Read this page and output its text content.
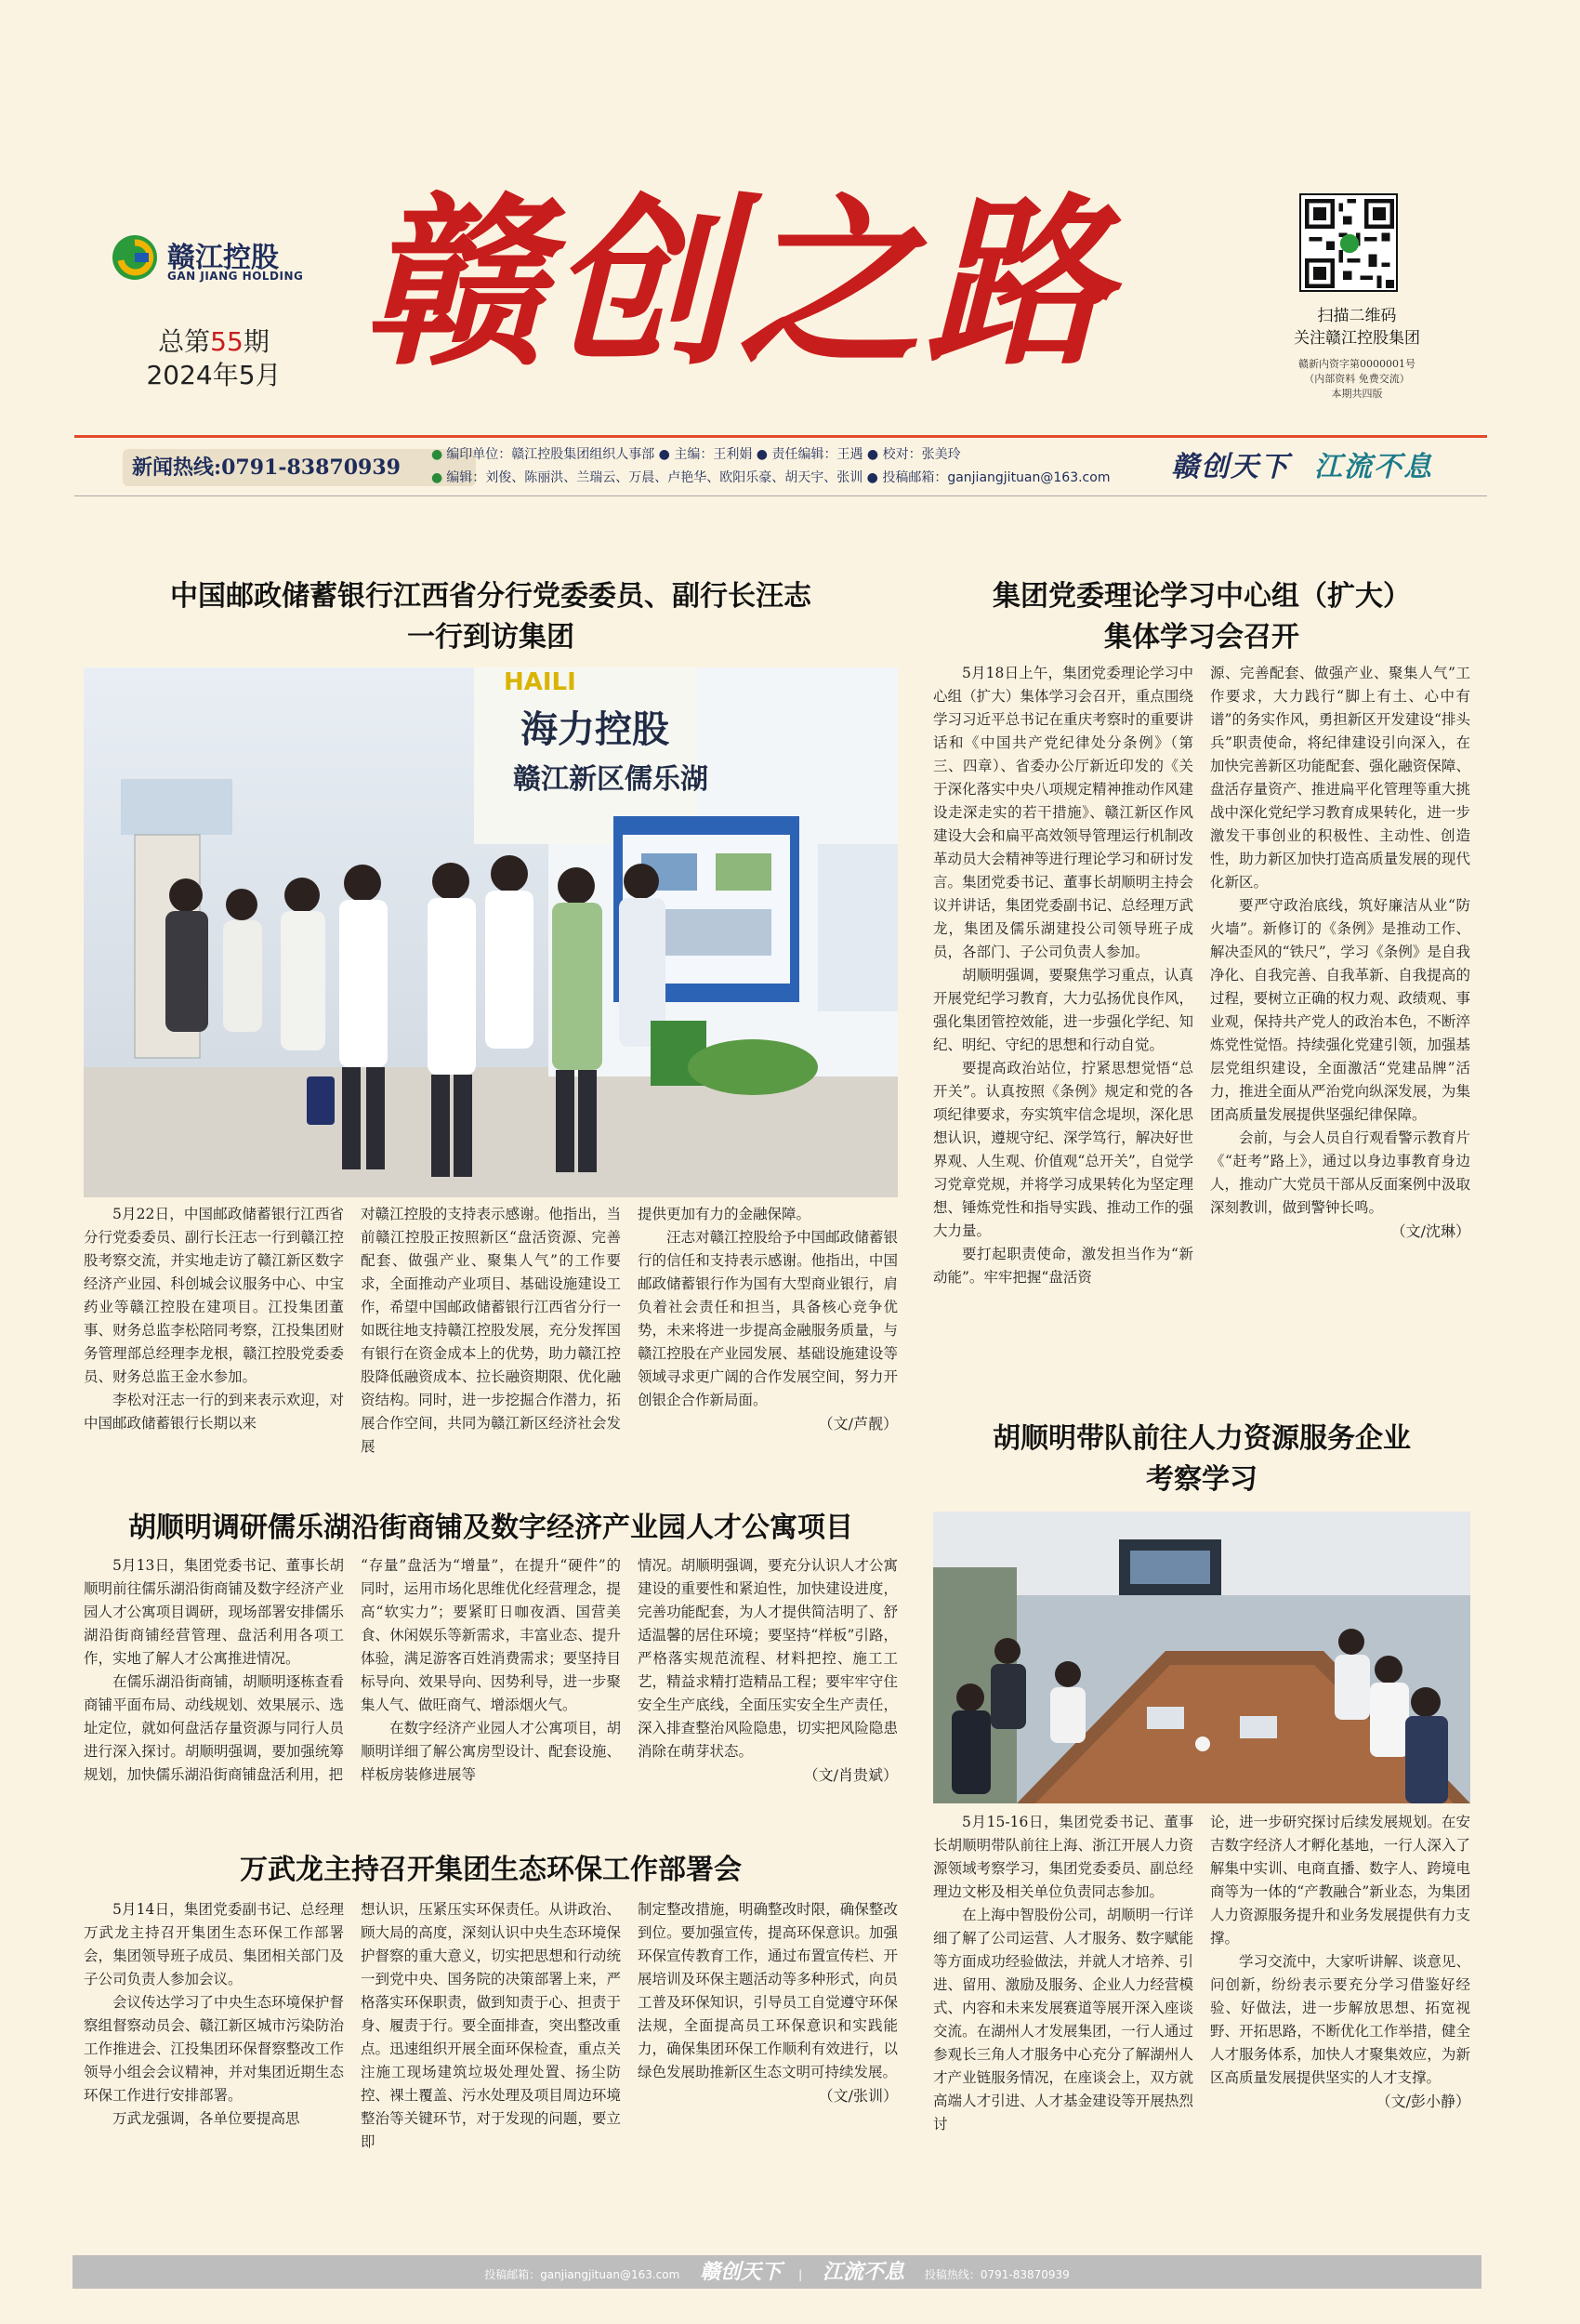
赣江控股
GAN JIANG HOLDING
总第55期
2024年5月 赣创之路	扫描二维码
关注赣江控股集团
赣新内资字第0000001号
（内部资料 免费交流）
本期共四版
新闻热线:0791-83870939
● 编印单位：赣江控股集团组织人事部 ● 主编：王利娟 ● 责任编辑：王遇 ● 校对：张美玲
● 编辑：刘俊、陈丽洪、兰瑞云、万晨、卢艳华、欧阳乐豪、胡天宇、张训 ● 投稿邮箱：ganjiangjituan@163.com	赣创天下 江流不息
中国邮政储蓄银行江西省分行党委委员、副行长汪志
一行到访集团
HAILI
海力控股
赣江新区儒乐湖

5月22日，中国邮政储蓄银行江西省分行党委委员、副行长汪志一行到赣江控股考察交流，并实地走访了赣江新区数字经济产业园、科创城会议服务中心、中宝药业等赣江控股在建项目。江投集团董事、财务总监李松陪同考察，江投集团财务管理部总经理李龙根，赣江控股党委委员、财务总监王金水参加。

李松对汪志一行的到来表示欢迎，对中国邮政储蓄银行长期以来

对赣江控股的支持表示感谢。他指出，当前赣江控股正按照新区“盘活资源、完善配套、做强产业、聚集人气”的工作要求，全面推动产业项目、基础设施建设工作，希望中国邮政储蓄银行江西省分行一如既往地支持赣江控股发展，充分发挥国有银行在资金成本上的优势，助力赣江控股降低融资成本、拉长融资期限、优化融资结构。同时，进一步挖掘合作潜力，拓展合作空间，共同为赣江新区经济社会发展

提供更加有力的金融保障。

汪志对赣江控股给予中国邮政储蓄银行的信任和支持表示感谢。他指出，中国邮政储蓄银行作为国有大型商业银行，肩负着社会责任和担当，具备核心竞争优势，未来将进一步提高金融服务质量，与赣江控股在产业园发展、基础设施建设等领域寻求更广阔的合作发展空间，努力开创银企合作新局面。

（文/芦靓）
胡顺明调研儒乐湖沿街商铺及数字经济产业园人才公寓项目

5月13日，集团党委书记、董事长胡顺明前往儒乐湖沿街商铺及数字经济产业园人才公寓项目调研，现场部署安排儒乐湖沿街商铺经营管理、盘活利用各项工作，实地了解人才公寓推进情况。

在儒乐湖沿街商铺，胡顺明逐栋查看商铺平面布局、动线规划、效果展示、选址定位，就如何盘活存量资源与同行人员进行深入探讨。胡顺明强调，要加强统筹规划，加快儒乐湖沿街商铺盘活利用，把

“存量”盘活为“增量”，在提升“硬件”的同时，运用市场化思维优化经营理念，提高“软实力”；要紧盯日咖夜酒、国营美食、休闲娱乐等新需求，丰富业态、提升体验，满足游客百姓消费需求；要坚持目标导向、效果导向、因势利导，进一步聚集人气、做旺商气、增添烟火气。

在数字经济产业园人才公寓项目，胡顺明详细了解公寓房型设计、配套设施、样板房装修进展等

情况。胡顺明强调，要充分认识人才公寓建设的重要性和紧迫性，加快建设进度，完善功能配套，为人才提供简洁明了、舒适温馨的居住环境；要坚持“样板”引路，严格落实规范流程、材料把控、施工工艺，精益求精打造精品工程；要牢牢守住安全生产底线，全面压实安全生产责任，深入排查整治风险隐患，切实把风险隐患消除在萌芽状态。

（文/肖贵斌）
万武龙主持召开集团生态环保工作部署会

5月14日，集团党委副书记、总经理万武龙主持召开集团生态环保工作部署会，集团领导班子成员、集团相关部门及子公司负责人参加会议。

会议传达学习了中央生态环境保护督察组督察动员会、赣江新区城市污染防治工作推进会、江投集团环保督察整改工作领导小组会会议精神，并对集团近期生态环保工作进行安排部署。

万武龙强调，各单位要提高思

想认识，压紧压实环保责任。从讲政治、顾大局的高度，深刻认识中央生态环境保护督察的重大意义，切实把思想和行动统一到党中央、国务院的决策部署上来，严格落实环保职责，做到知责于心、担责于身、履责于行。要全面排查，突出整改重点。迅速组织开展全面环保检查，重点关注施工现场建筑垃圾处理处置、扬尘防控、裸土覆盖、污水处理及项目周边环境整治等关键环节，对于发现的问题，要立即

制定整改措施，明确整改时限，确保整改到位。要加强宣传，提高环保意识。加强环保宣传教育工作，通过布置宣传栏、开展培训及环保主题活动等多种形式，向员工普及环保知识，引导员工自觉遵守环保法规，全面提高员工环保意识和实践能力，确保集团环保工作顺利有效进行，以绿色发展助推新区生态文明可持续发展。

（文/张训）
集团党委理论学习中心组（扩大）
集体学习会召开

5月18日上午，集团党委理论学习中心组（扩大）集体学习会召开，重点围绕学习习近平总书记在重庆考察时的重要讲话和《中国共产党纪律处分条例》（第三、四章）、省委办公厅新近印发的《关于深化落实中央八项规定精神推动作风建设走深走实的若干措施》、赣江新区作风建设大会和扁平高效领导管理运行机制改革动员大会精神等进行理论学习和研讨发言。集团党委书记、董事长胡顺明主持会议并讲话，集团党委副书记、总经理万武龙，集团及儒乐湖建投公司领导班子成员，各部门、子公司负责人参加。

胡顺明强调，要聚焦学习重点，认真开展党纪学习教育，大力弘扬优良作风，强化集团管控效能，进一步强化学纪、知纪、明纪、守纪的思想和行动自觉。

要提高政治站位，拧紧思想觉悟“总开关”。认真按照《条例》规定和党的各项纪律要求，夯实筑牢信念堤坝，深化思想认识，遵规守纪、深学笃行，解决好世界观、人生观、价值观“总开关”，自觉学习党章党规，并将学习成果转化为坚定理想、锤炼党性和指导实践、推动工作的强大力量。

要打起职责使命，激发担当作为“新动能”。牢牢把握“盘活资

源、完善配套、做强产业、聚集人气”工作要求，大力践行“脚上有土、心中有谱”的务实作风，勇担新区开发建设“排头兵”职责使命，将纪律建设引向深入，在加快完善新区功能配套、强化融资保障、盘活存量资产、推进扁平化管理等重大挑战中深化党纪学习教育成果转化，进一步激发干事创业的积极性、主动性、创造性，助力新区加快打造高质量发展的现代化新区。

要严守政治底线，筑好廉洁从业“防火墙”。新修订的《条例》是推动工作、解决歪风的“铁尺”，学习《条例》是自我净化、自我完善、自我革新、自我提高的过程，要树立正确的权力观、政绩观、事业观，保持共产党人的政治本色，不断淬炼党性觉悟。持续强化党建引领，加强基层党组织建设，全面激活“党建品牌”活力，推进全面从严治党向纵深发展，为集团高质量发展提供坚强纪律保障。

会前，与会人员自行观看警示教育片《“赶考”路上》，通过以身边事教育身边人，推动广大党员干部从反面案例中汲取深刻教训，做到警钟长鸣。

（文/沈琳）
胡顺明带队前往人力资源服务企业
考察学习

5月15-16日，集团党委书记、董事长胡顺明带队前往上海、浙江开展人力资源领域考察学习，集团党委委员、副总经理边文彬及相关单位负责同志参加。

在上海中智股份公司，胡顺明一行详细了解了公司运营、人才服务、数字赋能等方面成功经验做法，并就人才培养、引进、留用、激励及服务、企业人力经营模式、内容和未来发展赛道等展开深入座谈交流。在湖州人才发展集团，一行人通过参观长三角人才服务中心充分了解湖州人才产业链服务情况，在座谈会上，双方就高端人才引进、人才基金建设等开展热烈讨

论，进一步研究探讨后续发展规划。在安吉数字经济人才孵化基地，一行人深入了解集中实训、电商直播、数字人、跨境电商等为一体的“产教融合”新业态，为集团人力资源服务提升和业务发展提供有力支撑。

学习交流中，大家听讲解、谈意见、问创新，纷纷表示要充分学习借鉴好经验、好做法，进一步解放思想、拓宽视野、开拓思路，不断优化工作举措，健全人才服务体系，加快人才聚集效应，为新区高质量发展提供坚实的人才支撑。

（文/彭小静）
投稿邮箱：ganjiangjituan@163.com 赣创天下 | 江流不息 投稿热线：0791-83870939
